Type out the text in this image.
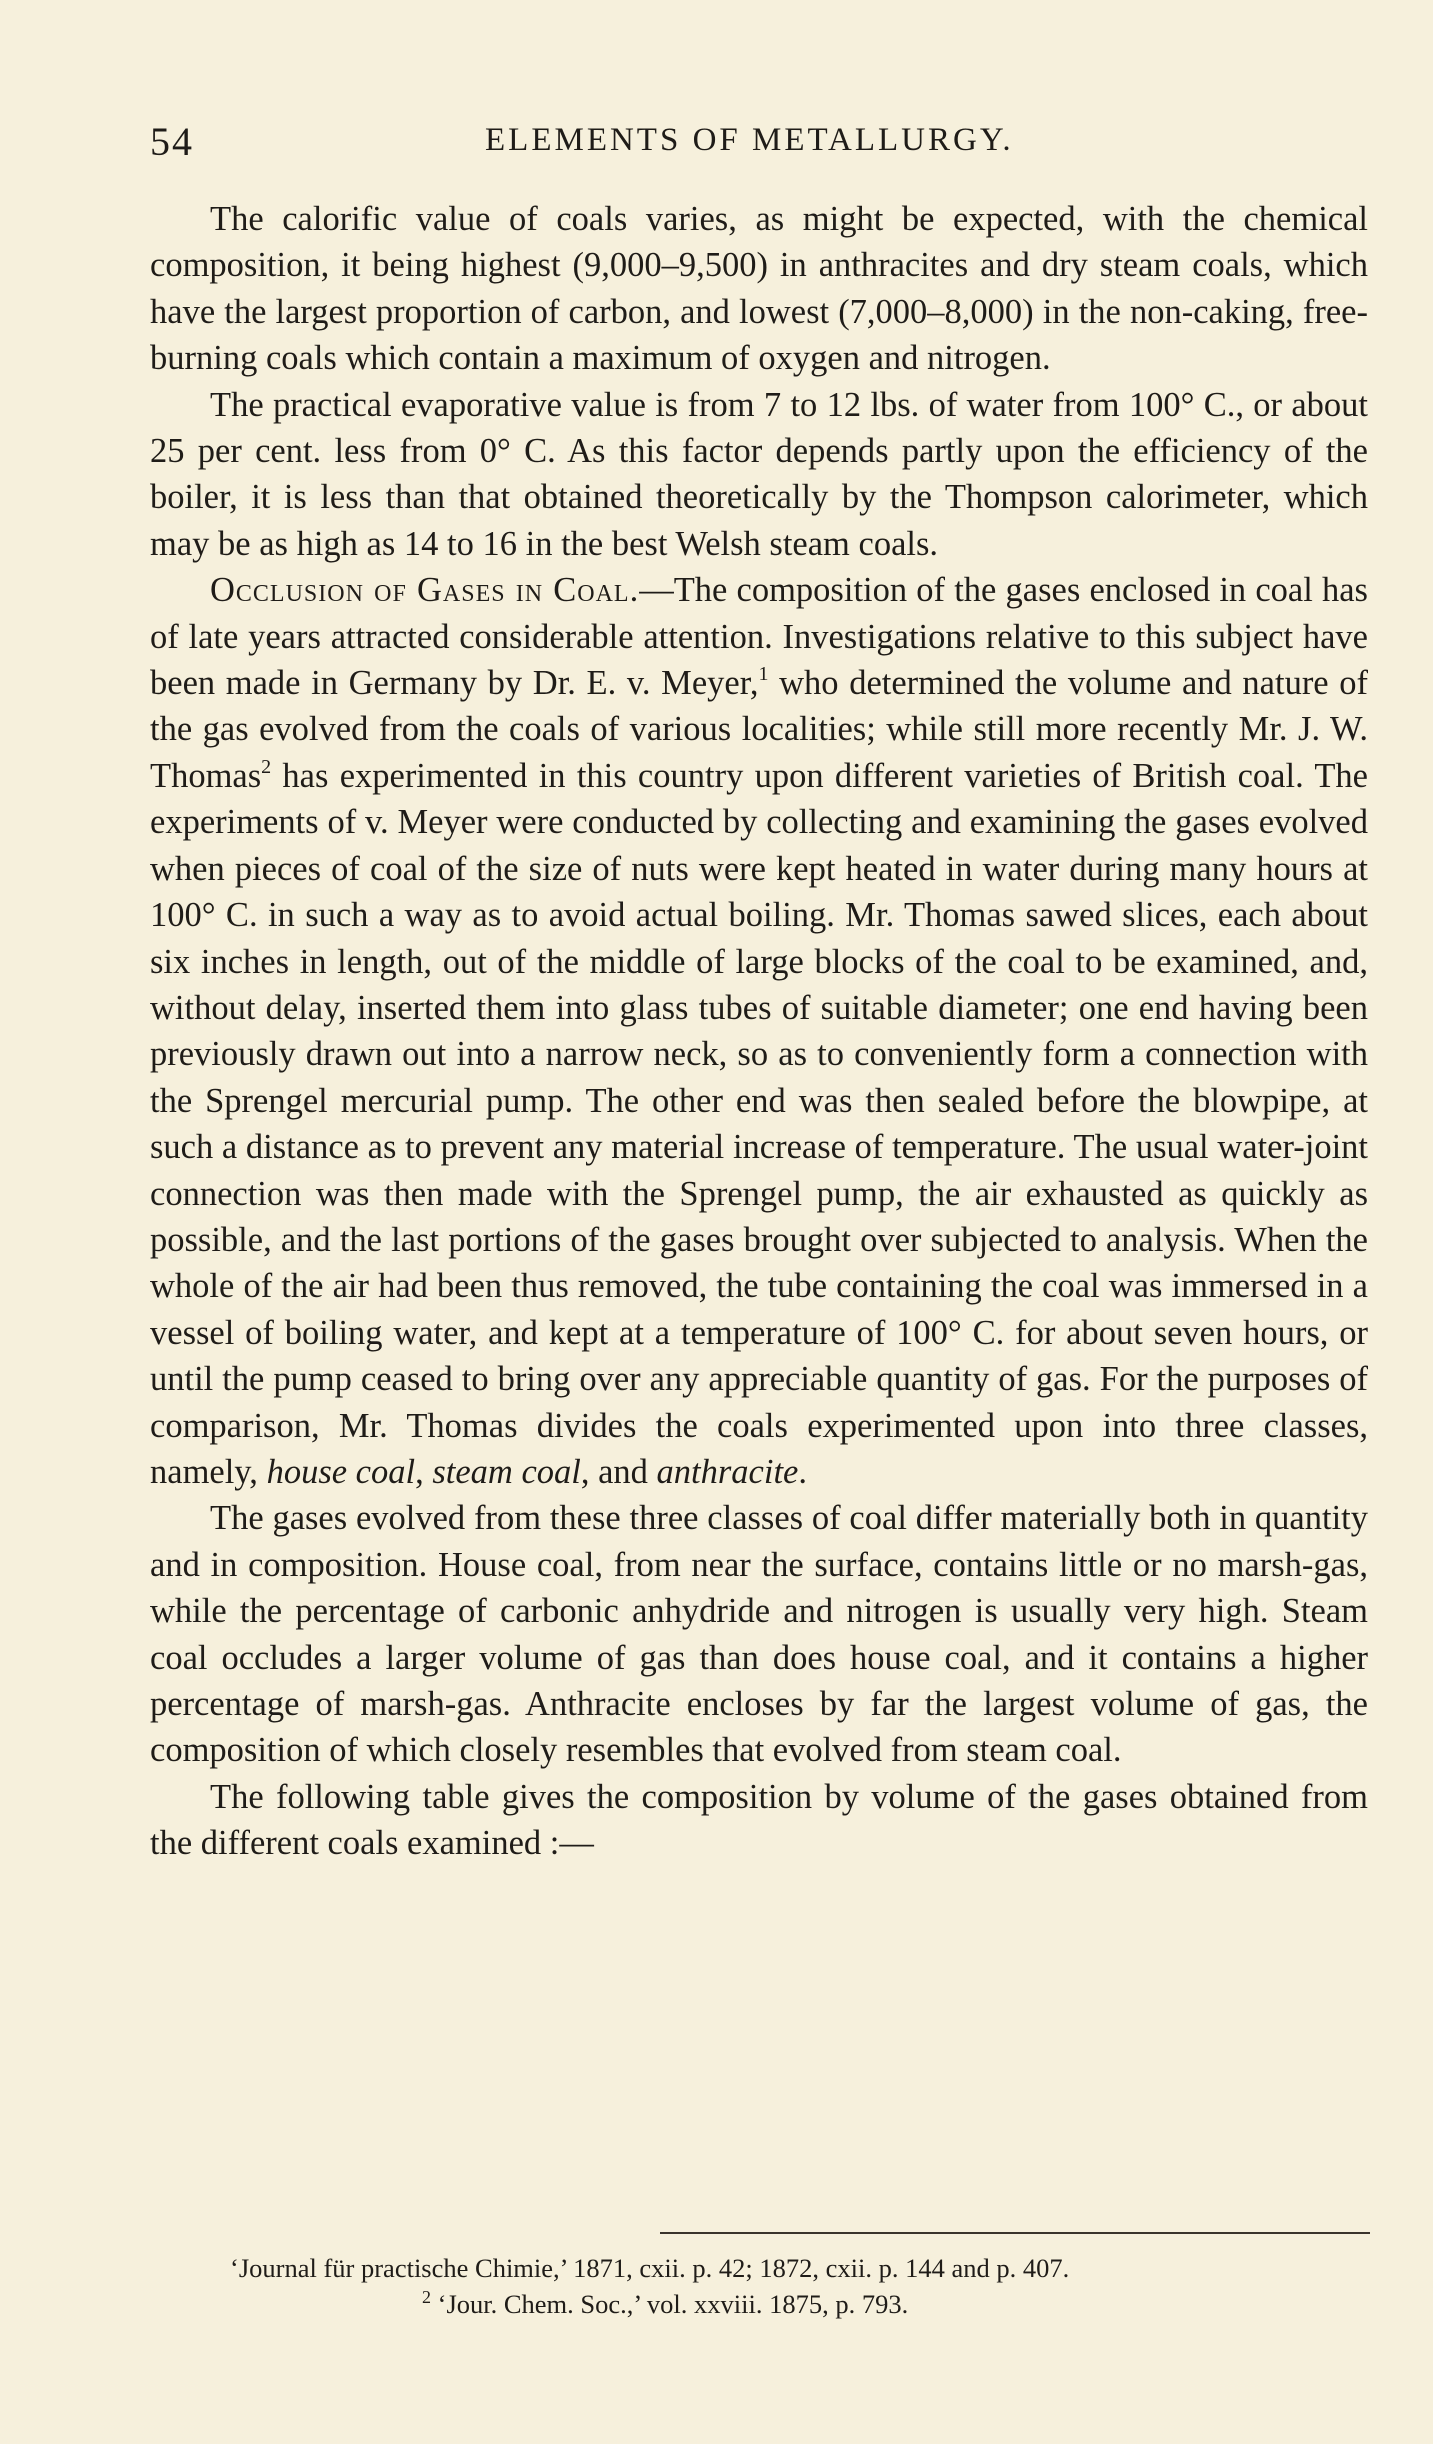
54	ELEMENTS OF METALLURGY.

The calorific value of coals varies, as might be expected, with the chemical composition, it being highest (9,000–9,500) in anthracites and dry steam coals, which have the largest proportion of carbon, and lowest (7,000–8,000) in the non-caking, free-burning coals which contain a maximum of oxygen and nitrogen.

The practical evaporative value is from 7 to 12 lbs. of water from 100° C., or about 25 per cent. less from 0° C. As this factor depends partly upon the efficiency of the boiler, it is less than that obtained theoretically by the Thompson calorimeter, which may be as high as 14 to 16 in the best Welsh steam coals.

Occlusion of Gases in Coal.—The composition of the gases enclosed in coal has of late years attracted considerable attention. Investigations relative to this subject have been made in Germany by Dr. E. v. Meyer,$^1$ who determined the volume and nature of the gas evolved from the coals of various localities; while still more recently Mr. J. W. Thomas$^2$ has experimented in this country upon different varieties of British coal. The experiments of v. Meyer were conducted by collecting and examining the gases evolved when pieces of coal of the size of nuts were kept heated in water during many hours at 100° C. in such a way as to avoid actual boiling. Mr. Thomas sawed slices, each about six inches in length, out of the middle of large blocks of the coal to be examined, and, without delay, inserted them into glass tubes of suitable diameter; one end having been previously drawn out into a narrow neck, so as to conveniently form a connection with the Sprengel mercurial pump. The other end was then sealed before the blowpipe, at such a distance as to prevent any material increase of temperature. The usual water-joint connection was then made with the Sprengel pump, the air exhausted as quickly as possible, and the last portions of the gases brought over subjected to analysis. When the whole of the air had been thus removed, the tube containing the coal was immersed in a vessel of boiling water, and kept at a temperature of 100° C. for about seven hours, or until the pump ceased to bring over any appreciable quantity of gas. For the purposes of comparison, Mr. Thomas divides the coals experimented upon into three classes, namely, house coal, steam coal, and anthracite.

The gases evolved from these three classes of coal differ materially both in quantity and in composition. House coal, from near the surface, contains little or no marsh-gas, while the percentage of carbonic anhydride and nitrogen is usually very high. Steam coal occludes a larger volume of gas than does house coal, and it contains a higher percentage of marsh-gas. Anthracite encloses by far the largest volume of gas, the composition of which closely resembles that evolved from steam coal.

The following table gives the composition by volume of the gases obtained from the different coals examined :—

‘Journal für practische Chimie,’ 1871, cxii. p. 42; 1872, cxii. p. 144 and p. 407.
$^2$ ‘Jour. Chem. Soc.,’ vol. xxviii. 1875, p. 793.
